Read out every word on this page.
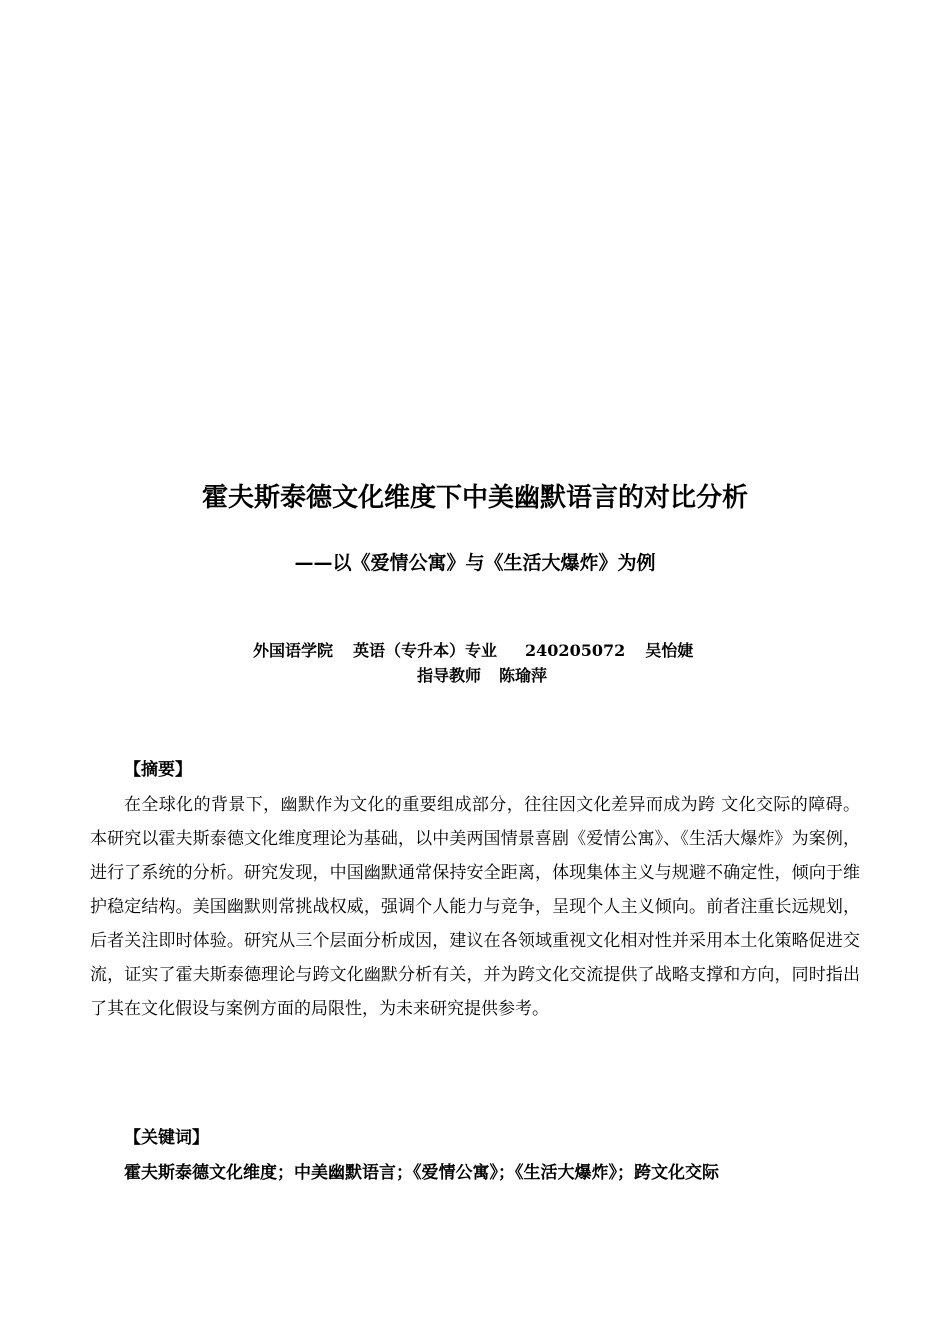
霍夫斯泰德文化维度下中美幽默语言的对比分析
——以《爱情公寓》与《生活大爆炸》为例
外国语学院 英语（专升本）专业 240205072 吴怡婕
指导教师 陈瑜萍
【摘要】
在全球化的背景下，幽默作为文化的重要组成部分，往往因文化差异而成为跨 文化交际的障碍。本研究以霍夫斯泰德文化维度理论为基础，以中美两国情景喜剧《爱情公寓》、《生活大爆炸》为案例，进行了系统的分析。研究发现，中国幽默通常保持安全距离，体现集体主义与规避不确定性，倾向于维护稳定结构。美国幽默则常挑战权威，强调个人能力与竞争，呈现个人主义倾向。前者注重长远规划，后者关注即时体验。研究从三个层面分析成因，建议在各领域重视文化相对性并采用本土化策略促进交流，证实了霍夫斯泰德理论与跨文化幽默分析有关，并为跨文化交流提供了战略支撑和方向，同时指出了其在文化假设与案例方面的局限性，为未来研究提供参考。
【关键词】
霍夫斯泰德文化维度；中美幽默语言；《爱情公寓》；《生活大爆炸》；跨文化交际
